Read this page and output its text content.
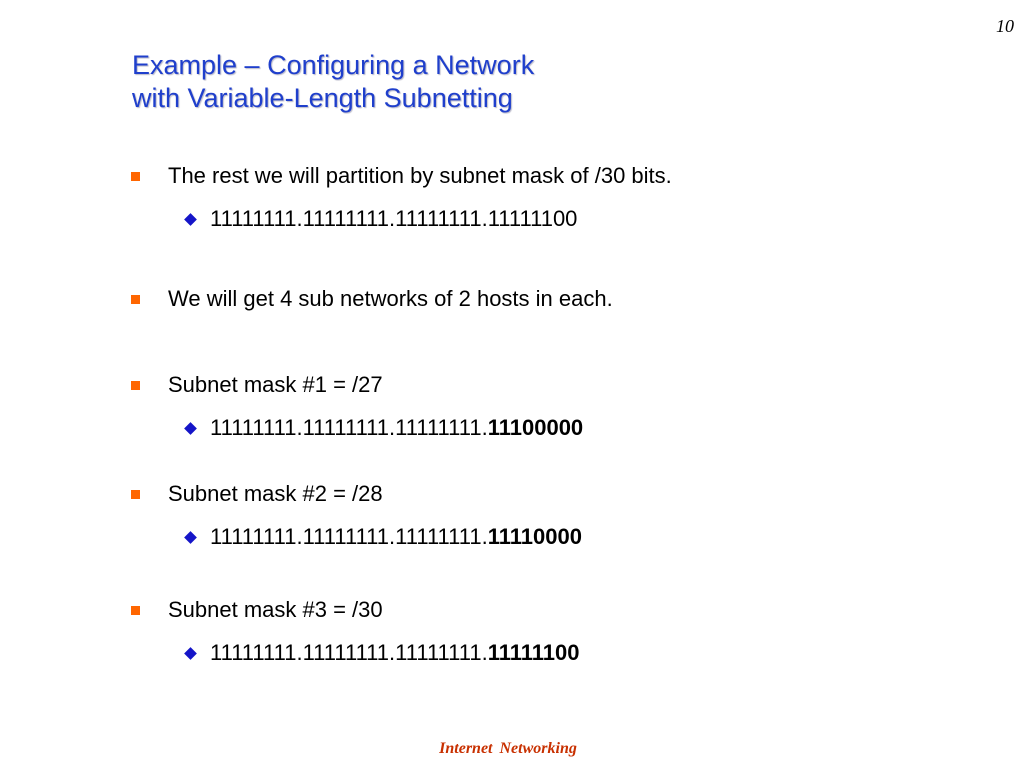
10
Example – Configuring a Network
with Variable-Length Subnetting
The rest we will partition by subnet mask of /30 bits.
11111111.11111111.11111111.11111100
We will get 4 sub networks of 2 hosts in each.
Subnet mask #1 = /27
11111111.11111111.11111111. 11100000
Subnet mask #2 = /28
11111111.11111111.11111111. 11110000
Subnet mask #3 = /30
11111111.11111111.11111111. 11111100
Internet Networking
